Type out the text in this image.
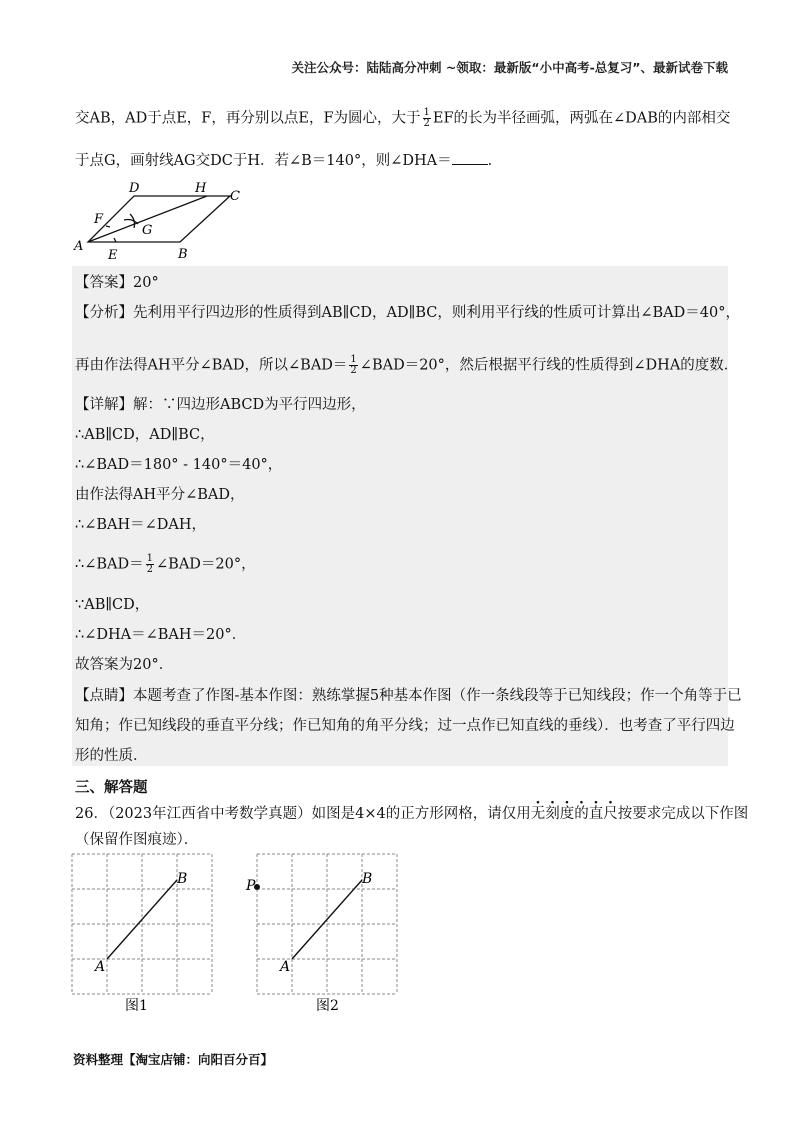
关注公众号：陆陆高分冲刺 ~领取：最新版“小中高考-总复习”、最新试卷下载
交AB，AD于点E，F，再分别以点E，F为圆心，大于 $\frac{1}{2}$ EF的长为半径画弧，两弧在∠DAB的内部相交
于点G，画射线AG交DC于H．若∠B＝140°，则∠DHA＝ ．
A
B
C
D
E
F
G
H
【答案】20°
【分析】先利用平行四边形的性质得到AB∥CD，AD∥BC，则利用平行线的性质可计算出∠BAD＝40°，
再由作法得AH平分∠BAD，所以∠BAD＝ $\frac{1}{2}$ ∠BAD＝20°，然后根据平行线的性质得到∠DHA的度数．
【详解】解：∵四边形ABCD为平行四边形，
∴AB∥CD，AD∥BC，
∴∠BAD＝180° - 140°＝40°，
由作法得AH平分∠BAD，
∴∠BAH＝∠DAH，
∴∠BAD＝ $\frac{1}{2}$ ∠BAD＝20°，
∵AB∥CD，
∴∠DHA＝∠BAH＝20°．
故答案为20°．
【点睛】本题考查了作图-基本作图：熟练掌握5种基本作图（作一条线段等于已知线段；作一个角等于已
知角；作已知线段的垂直平分线；作已知角的角平分线；过一点作已知直线的垂线）．也考查了平行四边
形的性质．
三、解答题
26．（2023年江西省中考数学真题）如图是4×4的正方形网格，请仅用无刻度的直尺按要求完成以下作图
（保留作图痕迹）．
A
B
图1
P
A
B
图2
资料整理【淘宝店铺：向阳百分百】
